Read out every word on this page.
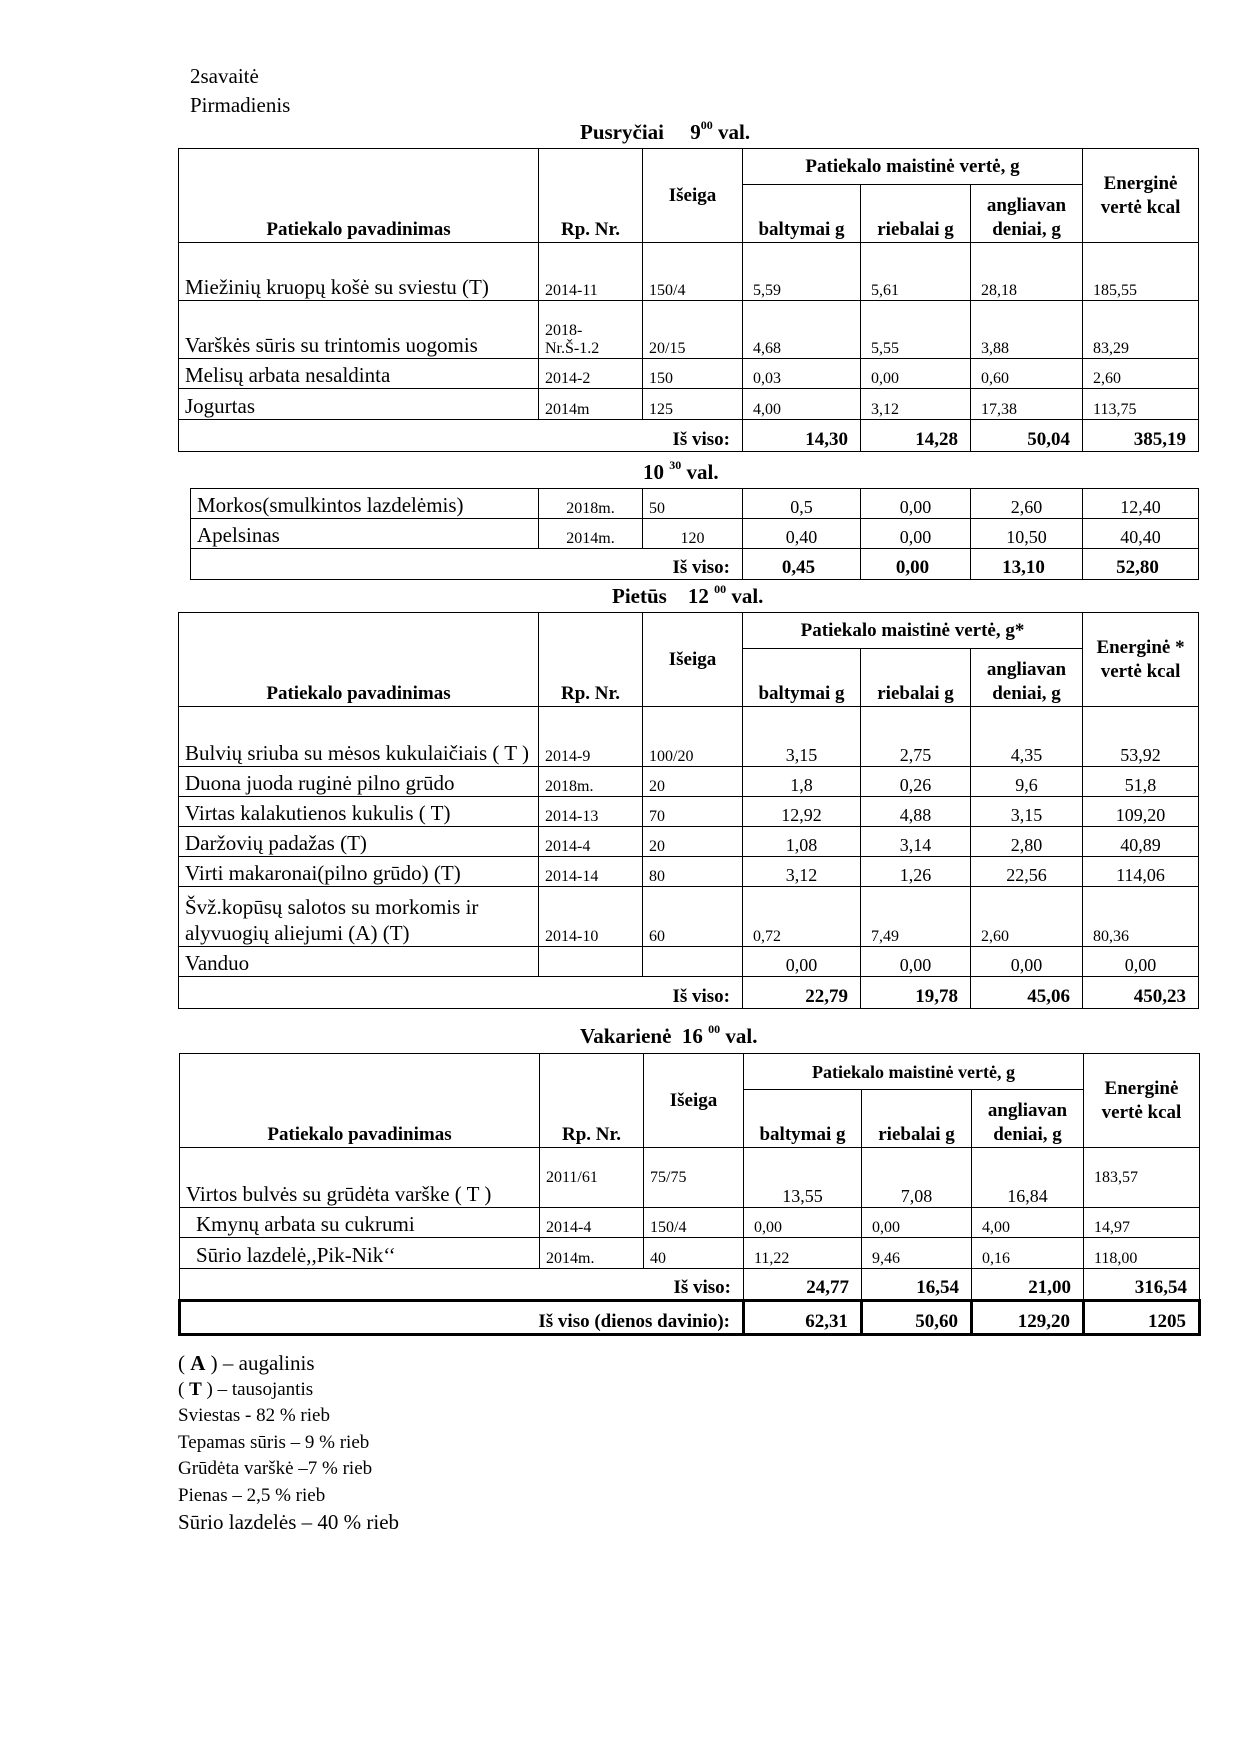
2savaitė
Pirmadienis
Pusryčiai $9^{00}$ val.
Patiekalo pavadinimas	Rp. Nr.	Išeiga	Patiekalo maistinė vertė, g			Energinė vertė kcal
			baltymai g	riebalai g	angliavan deniai, g	
Miežinių kruopų košė su sviestu (T)	2014-11	150/4	5,59	5,61	28,18	185,55
Varškės sūris su trintomis uogomis	2018-Nr.Š-1.2	20/15	4,68	5,55	3,88	83,29
Melisų arbata nesaldinta	2014-2	150	0,03	0,00	0,60	2,60
Jogurtas	2014m	125	4,00	3,12	17,38	113,75
Iš viso:			14,30	14,28	50,04	385,19
10 $^{30}$ val.
Morkos(smulkintos lazdelėmis)	2018m.	50	0,5	0,00	2,60	12,40
Apelsinas	2014m.	120	0,40	0,00	10,50	40,40
Iš viso:			0,45	0,00	13,10	52,80
Pietūs 12 $^{00}$ val.
Patiekalo pavadinimas	Rp. Nr.	Išeiga	Patiekalo maistinė vertė, g*			Energinė * vertė kcal
			baltymai g	riebalai g	angliavan deniai, g	
Bulvių sriuba su mėsos kukulaičiais ( T )	2014-9	100/20	3,15	2,75	4,35	53,92
Duona juoda ruginė pilno grūdo	2018m.	20	1,8	0,26	9,6	51,8
Virtas kalakutienos kukulis ( T)	2014-13	70	12,92	4,88	3,15	109,20
Daržovių padažas (T)	2014-4	20	1,08	3,14	2,80	40,89
Virti makaronai(pilno grūdo) (T)	2014-14	80	3,12	1,26	22,56	114,06
Švž.kopūsų salotos su morkomis ir alyvuogių aliejumi (A) (T)	2014-10	60	0,72	7,49	2,60	80,36
Vanduo			0,00	0,00	0,00	0,00
Iš viso:			22,79	19,78	45,06	450,23
Vakarienė 16 $^{00}$ val.
Patiekalo pavadinimas	Rp. Nr.	Išeiga	Patiekalo maistinė vertė, g			Energinė vertė kcal
			baltymai g	riebalai g	angliavan deniai, g	
Virtos bulvės su grūdėta varške ( T )	2011/61	75/75	13,55	7,08	16,84	183,57
Kmynų arbata su cukrumi	2014-4	150/4	0,00	0,00	4,00	14,97
Sūrio lazdelė,,Pik-Nik‘‘	2014m.	40	11,22	9,46	0,16	118,00
Iš viso:			24,77	16,54	21,00	316,54
Iš viso (dienos davinio):			62,31	50,60	129,20	1205
( A ) – augalinis
( T ) – tausojantis
Sviestas - 82 % rieb
Tepamas sūris – 9 % rieb
Grūdėta varškė –7 % rieb
Pienas – 2,5 % rieb
Sūrio lazdelės – 40 % rieb
